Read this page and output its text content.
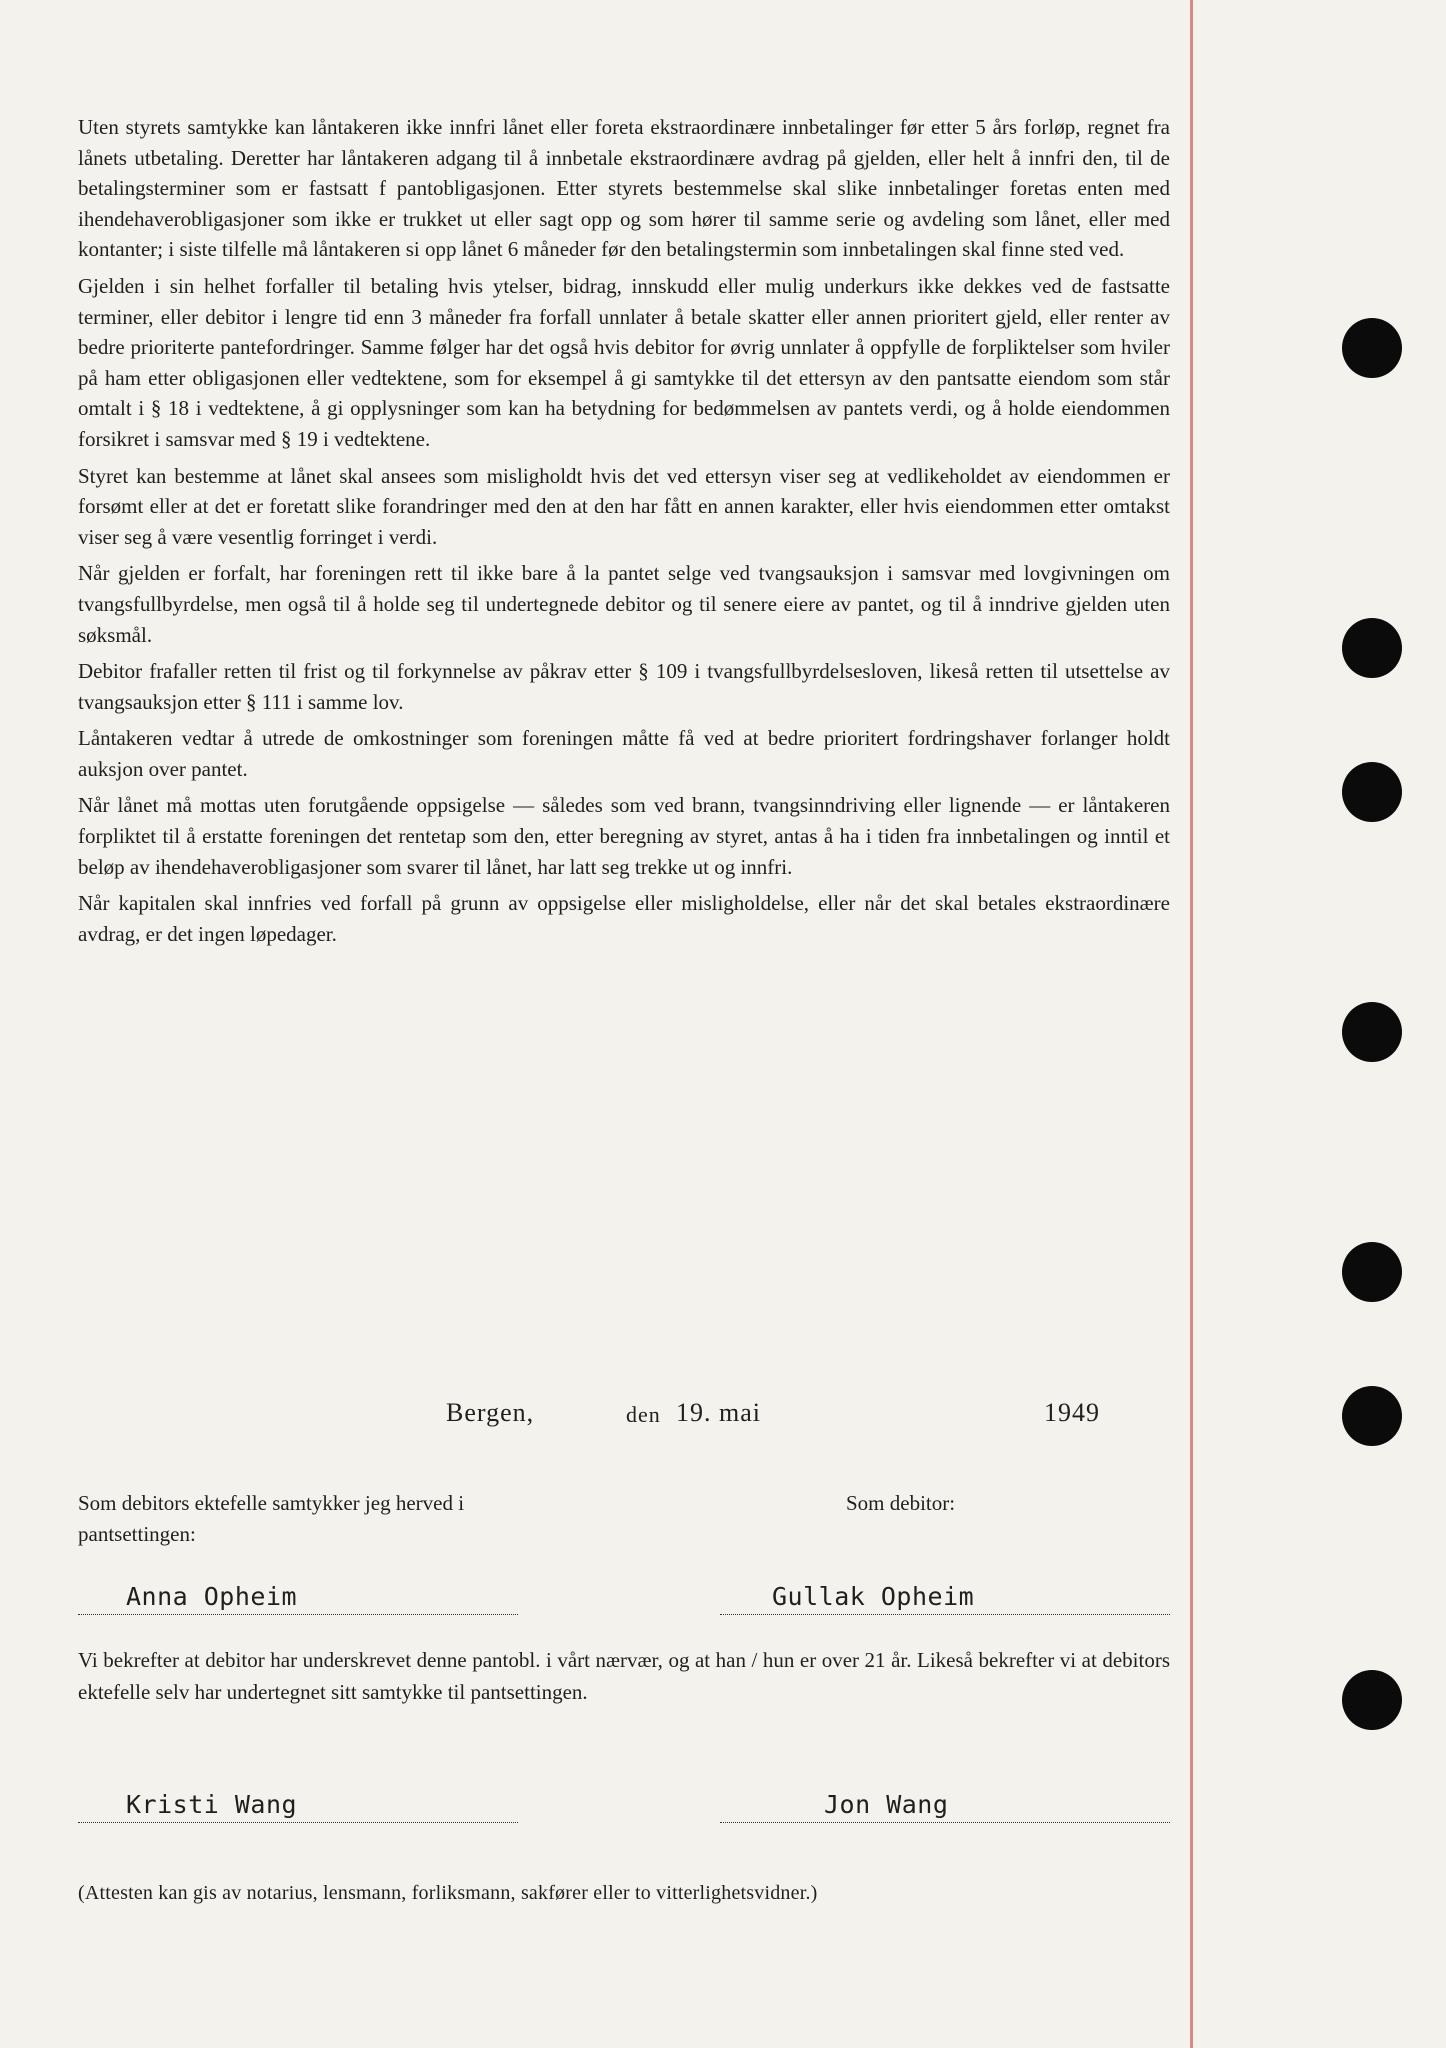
Uten styrets samtykke kan låntakeren ikke innfri lånet eller foreta ekstraordinære innbetalinger før etter 5 års forløp, regnet fra lånets utbetaling. Deretter har låntakeren adgang til å innbetale ekstraordinære avdrag på gjelden, eller helt å innfri den, til de betalingsterminer som er fastsatt f pantobligasjonen. Etter styrets bestemmelse skal slike innbetalinger foretas enten med ihendehaverobligasjoner som ikke er trukket ut eller sagt opp og som hører til samme serie og avdeling som lånet, eller med kontanter; i siste tilfelle må låntakeren si opp lånet 6 måneder før den betalingstermin som innbetalingen skal finne sted ved.

Gjelden i sin helhet forfaller til betaling hvis ytelser, bidrag, innskudd eller mulig underkurs ikke dekkes ved de fastsatte terminer, eller debitor i lengre tid enn 3 måneder fra forfall unnlater å betale skatter eller annen prioritert gjeld, eller renter av bedre prioriterte pantefordringer. Samme følger har det også hvis debitor for øvrig unnlater å oppfylle de forpliktelser som hviler på ham etter obligasjonen eller vedtektene, som for eksempel å gi samtykke til det ettersyn av den pantsatte eiendom som står omtalt i § 18 i vedtektene, å gi opplysninger som kan ha betydning for bedømmelsen av pantets verdi, og å holde eiendommen forsikret i samsvar med § 19 i vedtektene.

Styret kan bestemme at lånet skal ansees som misligholdt hvis det ved ettersyn viser seg at vedlikeholdet av eiendommen er forsømt eller at det er foretatt slike forandringer med den at den har fått en annen karakter, eller hvis eiendommen etter omtakst viser seg å være vesentlig forringet i verdi.

Når gjelden er forfalt, har foreningen rett til ikke bare å la pantet selge ved tvangsauksjon i samsvar med lovgivningen om tvangsfullbyrdelse, men også til å holde seg til undertegnede debitor og til senere eiere av pantet, og til å inndrive gjelden uten søksmål.

Debitor frafaller retten til frist og til forkynnelse av påkrav etter § 109 i tvangsfullbyrdelsesloven, likeså retten til utsettelse av tvangsauksjon etter § 111 i samme lov.

Låntakeren vedtar å utrede de omkostninger som foreningen måtte få ved at bedre prioritert fordringshaver forlanger holdt auksjon over pantet.

Når lånet må mottas uten forutgående oppsigelse — således som ved brann, tvangsinndriving eller lignende — er låntakeren forpliktet til å erstatte foreningen det rentetap som den, etter beregning av styret, antas å ha i tiden fra innbetalingen og inntil et beløp av ihendehaverobligasjoner som svarer til lånet, har latt seg trekke ut og innfri.

Når kapitalen skal innfries ved forfall på grunn av oppsigelse eller misligholdelse, eller når det skal betales ekstraordinære avdrag, er det ingen løpedager.

Bergen,	den 19. mai	1949
Som debitors ektefelle samtykker jeg herved i pantsettingen:
Som debitor:
Anna Opheim	Gullak Opheim
Vi bekrefter at debitor har underskrevet denne pantobl. i vårt nærvær, og at han / hun er over 21 år. Likeså bekrefter vi at debitors ektefelle selv har undertegnet sitt samtykke til pantsettingen.
Kristi Wang	Jon Wang
(Attesten kan gis av notarius, lensmann, forliksmann, sakfører eller to vitterlighetsvidner.)
